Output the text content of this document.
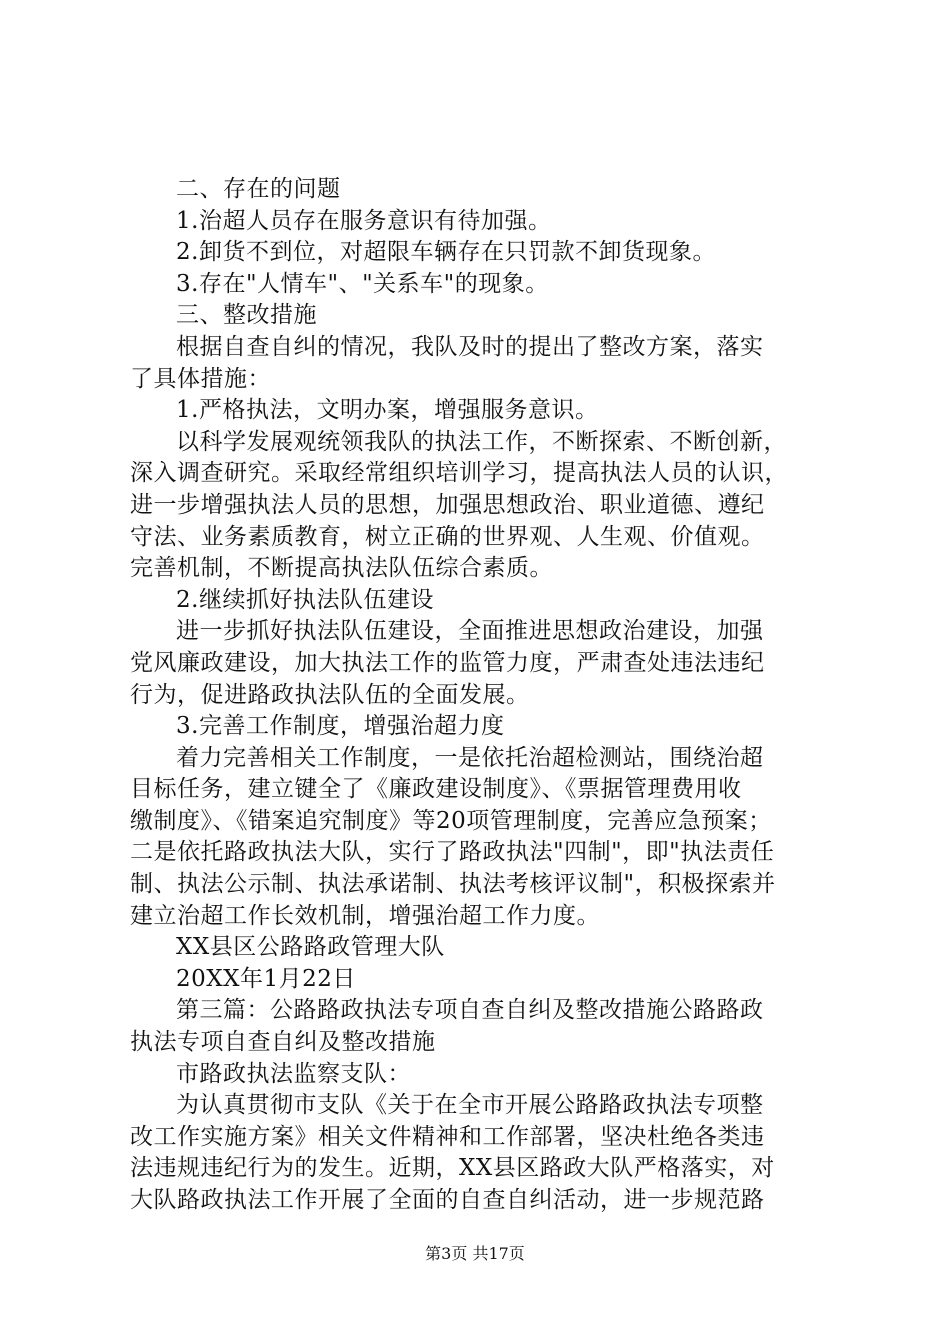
二、存在的问题
1.治超人员存在服务意识有待加强。
2.卸货不到位，对超限车辆存在只罚款不卸货现象。
3.存在"人情车"、"关系车"的现象。
三、整改措施
根据自查自纠的情况，我队及时的提出了整改方案，落实
了具体措施：
1.严格执法，文明办案，增强服务意识。
以科学发展观统领我队的执法工作，不断探索、不断创新，
深入调查研究。采取经常组织培训学习，提高执法人员的认识，
进一步增强执法人员的思想，加强思想政治、职业道德、遵纪
守法、业务素质教育，树立正确的世界观、人生观、价值观。
完善机制，不断提高执法队伍综合素质。
2.继续抓好执法队伍建设
进一步抓好执法队伍建设，全面推进思想政治建设，加强
党风廉政建设，加大执法工作的监管力度，严肃查处违法违纪
行为，促进路政执法队伍的全面发展。
3.完善工作制度，增强治超力度
着力完善相关工作制度，一是依托治超检测站，围绕治超
目标任务，建立键全了《廉政建设制度》、《票据管理费用收
缴制度》、《错案追究制度》等20项管理制度，完善应急预案；
二是依托路政执法大队，实行了路政执法"四制"，即"执法责任
制、执法公示制、执法承诺制、执法考核评议制"，积极探索并
建立治超工作长效机制，增强治超工作力度。
XX县区公路路政管理大队
20XX年1月22日
第三篇：公路路政执法专项自查自纠及整改措施公路路政
执法专项自查自纠及整改措施
市路政执法监察支队：
为认真贯彻市支队《关于在全市开展公路路政执法专项整
改工作实施方案》相关文件精神和工作部署，坚决杜绝各类违
法违规违纪行为的发生。近期，XX县区路政大队严格落实，对
大队路政执法工作开展了全面的自查自纠活动，进一步规范路
第3页 共17页
